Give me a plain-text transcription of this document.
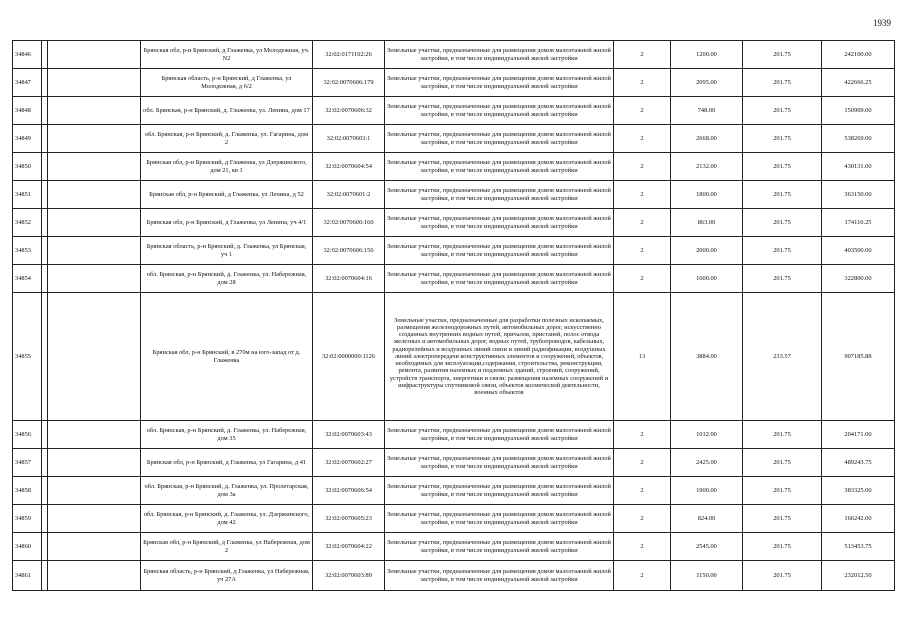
1939
34846			Брянская обл, р-н Брянский, д Глаженка, ул Молодежная, уч. N2	32:02:0171102:26	Земельные участки, предназначенные для размещения домов малоэтажной жилой застройки, в том числе индивидуальной жилой застройки	2	1200.00	201.75	242100.00
34847			Брянская область, р-н Брянский, д Глаженка, ул Молодежная, д 6/2	32:02:0070606:179	Земельные участки, предназначенные для размещения домов малоэтажной жилой застройки, в том числе индивидуальной жилой застройки	2	2095.00	201.75	422666.25
34848			обл. Брянская, р-н Брянский, д. Глаженка, ул. Ленина, дом 17	32:02:0070606:32	Земельные участки, предназначенные для размещения домов малоэтажной жилой застройки, в том числе индивидуальной жилой застройки	2	748.00	201.75	150909.00
34849			обл. Брянская, р-н Брянский, д. Глаженка, ул. Гагарина, дом 2	32:02:0070603:1	Земельные участки, предназначенные для размещения домов малоэтажной жилой застройки, в том числе индивидуальной жилой застройки	2	2668.00	201.75	538269.00
34850			Брянская обл, р-н Брянский, д Глаженка, ул Дзержинского, дом 21, кв 1	32:02:0070604:54	Земельные участки, предназначенные для размещения домов малоэтажной жилой застройки, в том числе индивидуальной жилой застройки	2	2132.00	201.75	430131.00
34851			Брянская обл, р-н Брянский, д Глаженка, ул Ленина, д 52	32:02:0070601:2	Земельные участки, предназначенные для размещения домов малоэтажной жилой застройки, в том числе индивидуальной жилой застройки	2	1800.00	201.75	363150.00
34852			Брянская обл, р-н Брянский, д Глаженка, ул Ленина, уч 4/1	32:02:0070606:160	Земельные участки, предназначенные для размещения домов малоэтажной жилой застройки, в том числе индивидуальной жилой застройки	2	863.00	201.75	174110.25
34853			Брянская область, р-н Брянский, д. Глаженка, ул Брянская, уч 1	32:02:0070606:156	Земельные участки, предназначенные для размещения домов малоэтажной жилой застройки, в том числе индивидуальной жилой застройки	2	2000.00	201.75	403500.00
34854			обл. Брянская, р-н Брянский, д. Глаженка, ул. Набережная, дом 28	32:02:0070604:16	Земельные участки, предназначенные для размещения домов малоэтажной жилой застройки, в том числе индивидуальной жилой застройки	2	1600.00	201.75	322800.00
34855			Брянская обл, р-н Брянский, в 270м на юго-запад от д. Глаженка	32:02:0000000:1126	Земельные участки, предназначенные для разработки полезных ископаемых, размещения железнодорожных путей, автомобильных дорог, искусственно созданных внутренних водных путей, причалов, пристаней, полос отвода железных и автомобильных дорог, водных путей, трубопроводов, кабельных, радиорелейных и воздушных линий связи и линий радиофикации, воздушных линий электропередачи конструктивных элементов и сооружений, объектов, необходимых для эксплуатации,содержания, строительства, реконструкции, ремонта, развития наземных и подземных зданий, строений, сооружений, устройств транспорта, энергетики и связи; размещения наземных сооружений и инфраструктуры спутниковой связи, объектов космической деятельности, военных объектов	13	3884.00	233.57	907185.88
34856			обл. Брянская, р-н Брянский, д. Глаженка, ул. Набережная, дом 35	32:02:0070603:43	Земельные участки, предназначенные для размещения домов малоэтажной жилой застройки, в том числе индивидуальной жилой застройки	2	1012.00	201.75	204171.00
34857			Брянская обл, р-н Брянский, д Глаженка, ул Гагарина, д 41	32:02:0070602:27	Земельные участки, предназначенные для размещения домов малоэтажной жилой застройки, в том числе индивидуальной жилой застройки	2	2425.00	201.75	489243.75
34858			обл. Брянская, р-н Брянский, д. Глаженка, ул. Пролетарская, дом 3а	32:02:0070606:54	Земельные участки, предназначенные для размещения домов малоэтажной жилой застройки, в том числе индивидуальной жилой застройки	2	1900.00	201.75	383325.00
34859			обл. Брянская, р-н Брянский, д. Глаженка, ул. Дзержинского, дом 42	32:02:0070605:23	Земельные участки, предназначенные для размещения домов малоэтажной жилой застройки, в том числе индивидуальной жилой застройки	2	824.00	201.75	166242.00
34860			Брянская обл, р-н Брянский, д Глаженка, ул Набережная, дом 2	32:02:0070604:22	Земельные участки, предназначенные для размещения домов малоэтажной жилой застройки, в том числе индивидуальной жилой застройки	2	2545.00	201.75	513453.75
34861			Брянская область, р-н Брянский, д Глаженка, ул Набережная, уч 27А	32:02:0070603:89	Земельные участки, предназначенные для размещения домов малоэтажной жилой застройки, в том числе индивидуальной жилой застройки	2	1150.00	201.75	232012.50
